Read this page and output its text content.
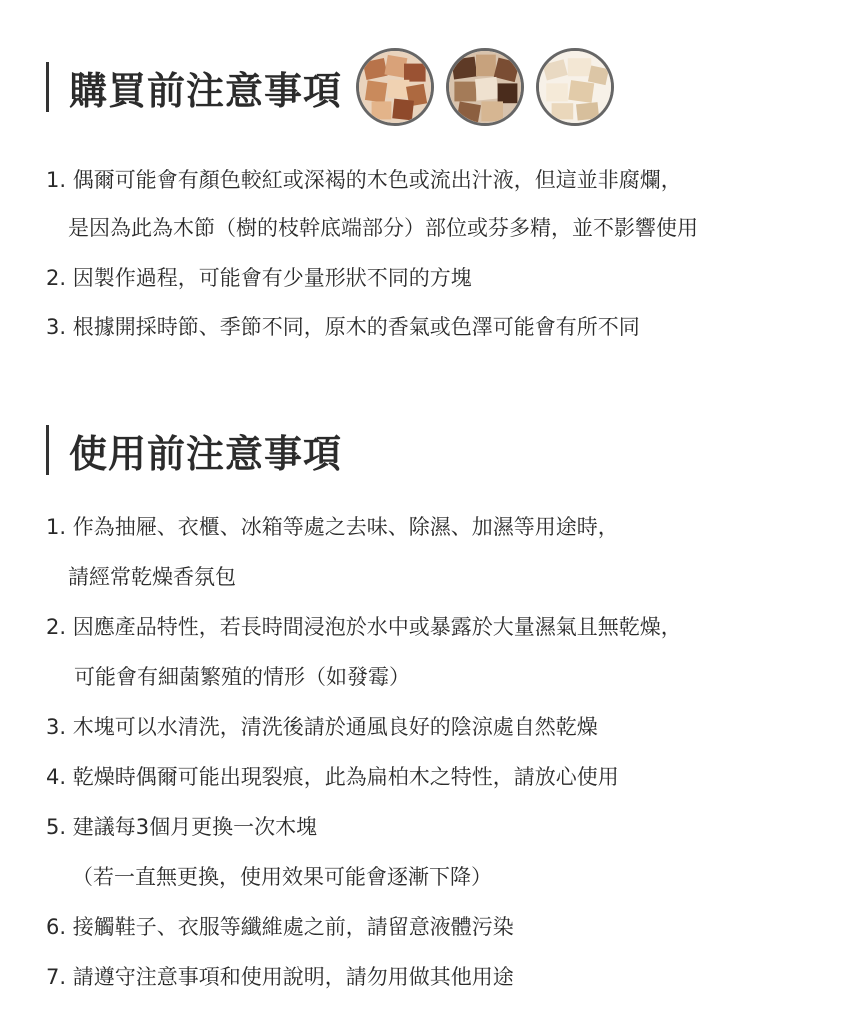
購買前注意事項
1. 偶爾可能會有顏色較紅或深褐的木色或流出汁液，但這並非腐爛，
是因為此為木節（樹的枝幹底端部分）部位或芬多精，並不影響使用
2. 因製作過程，可能會有少量形狀不同的方塊
3. 根據開採時節、季節不同，原木的香氣或色澤可能會有所不同
使用前注意事項
1. 作為抽屜、衣櫃、冰箱等處之去味、除濕、加濕等用途時，
請經常乾燥香氛包
2. 因應產品特性，若長時間浸泡於水中或暴露於大量濕氣且無乾燥，
可能會有細菌繁殖的情形（如發霉）
3. 木塊可以水清洗，清洗後請於通風良好的陰涼處自然乾燥
4. 乾燥時偶爾可能出現裂痕，此為扁柏木之特性，請放心使用
5. 建議每3個月更換一次木塊
（若一直無更換，使用效果可能會逐漸下降）
6. 接觸鞋子、衣服等纖維處之前，請留意液體污染
7. 請遵守注意事項和使用說明，請勿用做其他用途
